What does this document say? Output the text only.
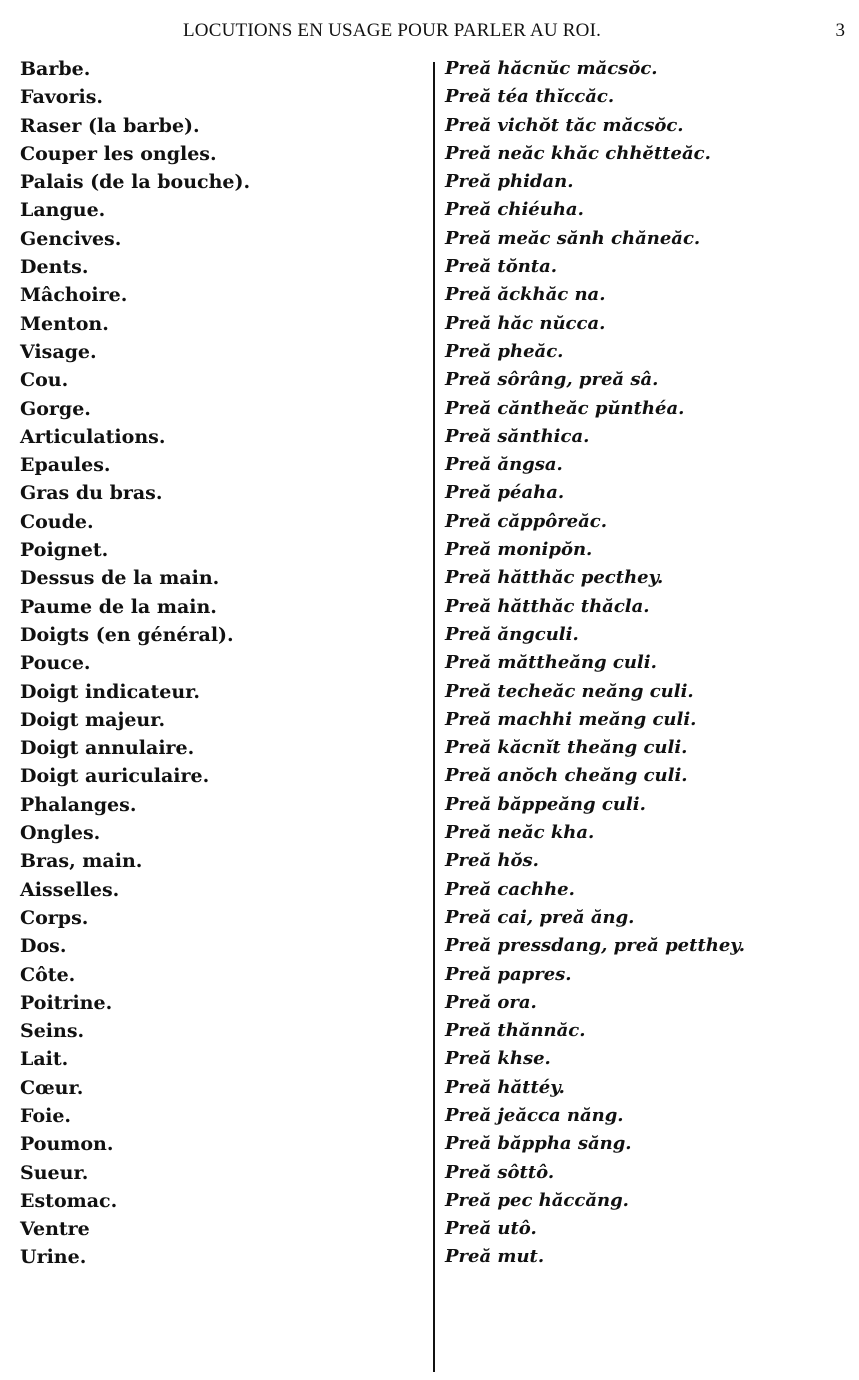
LOCUTIONS EN USAGE POUR PARLER AU ROI.	3
Barbe.
Favoris.
Raser (la barbe).
Couper les ongles.
Palais (de la bouche).
Langue.
Gencives.
Dents.
Mâchoire.
Menton.
Visage.
Cou.
Gorge.
Articulations.
Epaules.
Gras du bras.
Coude.
Poignet.
Dessus de la main.
Paume de la main.
Doigts (en général).
Pouce.
Doigt indicateur.
Doigt majeur.
Doigt annulaire.
Doigt auriculaire.
Phalanges.
Ongles.
Bras, main.
Aisselles.
Corps.
Dos.
Côte.
Poitrine.
Seins.
Lait.
Cœur.
Foie.
Poumon.
Sueur.
Estomac.
Ventre
Urine.
Preă hăcnŭc măcsŏc.
Preă téa thĭccăc.
Preă vichŏt tăc măcsŏc.
Preă neăc khăc chhĕtteăc.
Preă phidan.
Preă chiéuha.
Preă meăc sănh chăneăc.
Preă tŏnta.
Preă ăckhăc na.
Preă hăc nŭcca.
Preă pheăc.
Preă sôrâng, preă sâ.
Preă căntheăc pŭnthéa.
Preă sănthica.
Preă ăngsa.
Preă péaha.
Preă căppôreăc.
Preă monipŏn.
Preă hătthăc pecthey.
Preă hătthăc thăcla.
Preă ăngculi.
Preă măttheăng culi.
Preă techeăc neăng culi.
Preă machhi meăng culi.
Preă kăcnĭt theăng culi.
Preă anŏch cheăng culi.
Preă băppeăng culi.
Preă neăc kha.
Preă hŏs.
Preă cachhe.
Preă cai, preă ăng.
Preă pressdang, preă petthey.
Preă papres.
Preă ora.
Preă thănnăc.
Preă khse.
Preă hăttéy.
Preă jeăcca năng.
Preă băppha săng.
Preă sôttô.
Preă pec hăccăng.
Preă utô.
Preă mut.
